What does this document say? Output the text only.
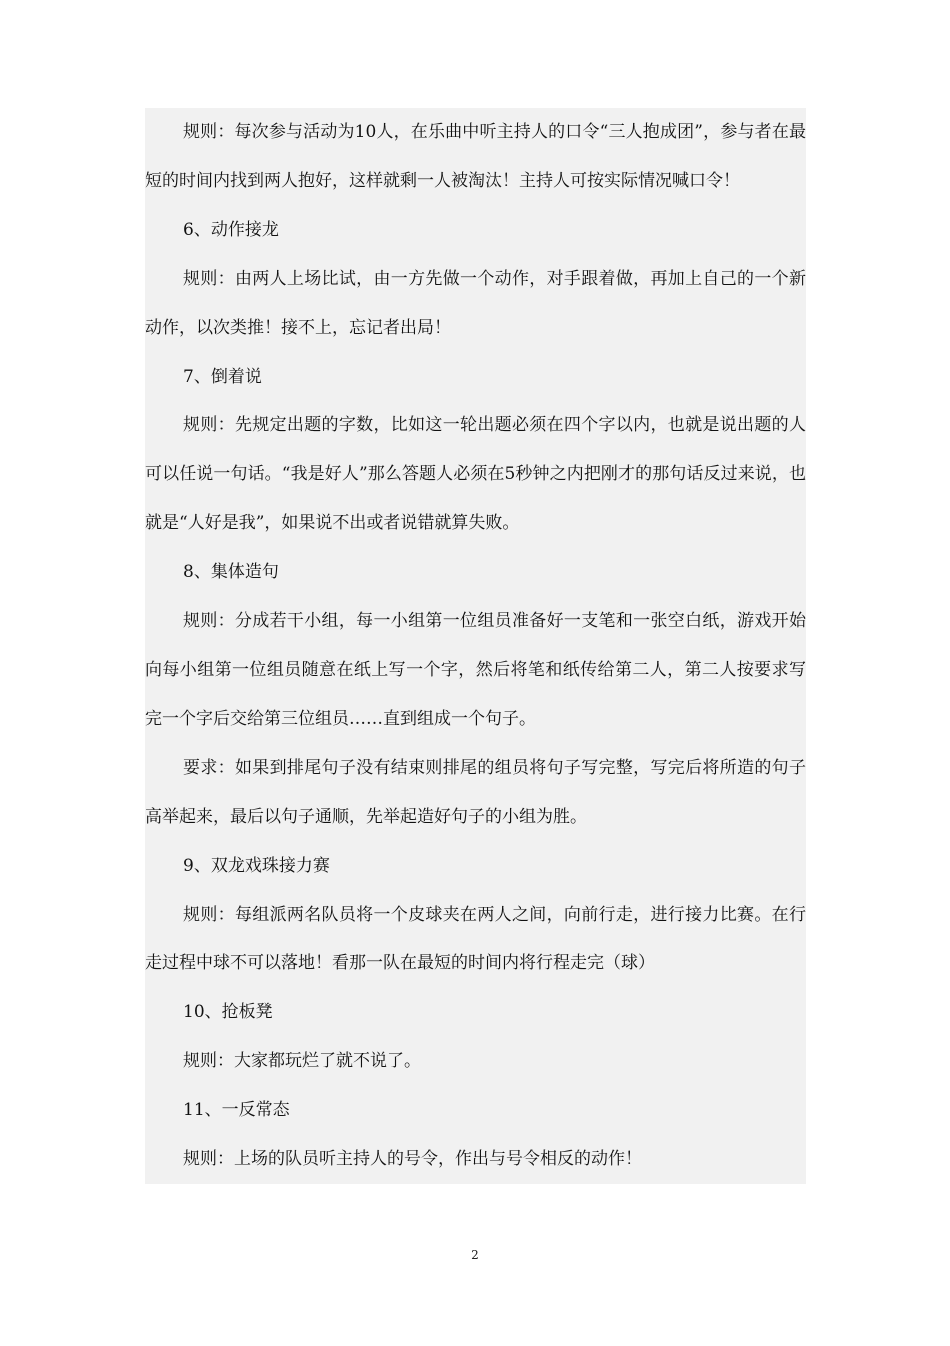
规则：每次参与活动为10人，在乐曲中听主持人的口令“三人抱成团”，参与者在最短的时间内找到两人抱好，这样就剩一人被淘汰！主持人可按实际情况喊口令！

6、动作接龙

规则：由两人上场比试，由一方先做一个动作，对手跟着做，再加上自己的一个新动作，以次类推！接不上，忘记者出局！

7、倒着说

规则：先规定出题的字数，比如这一轮出题必须在四个字以内，也就是说出题的人可以任说一句话。“我是好人”那么答题人必须在5秒钟之内把刚才的那句话反过来说，也就是“人好是我”，如果说不出或者说错就算失败。

8、集体造句

规则：分成若干小组，每一小组第一位组员准备好一支笔和一张空白纸，游戏开始向每小组第一位组员随意在纸上写一个字，然后将笔和纸传给第二人，第二人按要求写完一个字后交给第三位组员……直到组成一个句子。

要求：如果到排尾句子没有结束则排尾的组员将句子写完整，写完后将所造的句子高举起来，最后以句子通顺，先举起造好句子的小组为胜。

9、双龙戏珠接力赛

规则：每组派两名队员将一个皮球夹在两人之间，向前行走，进行接力比赛。在行走过程中球不可以落地！看那一队在最短的时间内将行程走完（球）

10、抢板凳

规则：大家都玩烂了就不说了。

11、一反常态

规则：上场的队员听主持人的号令，作出与号令相反的动作！

2
